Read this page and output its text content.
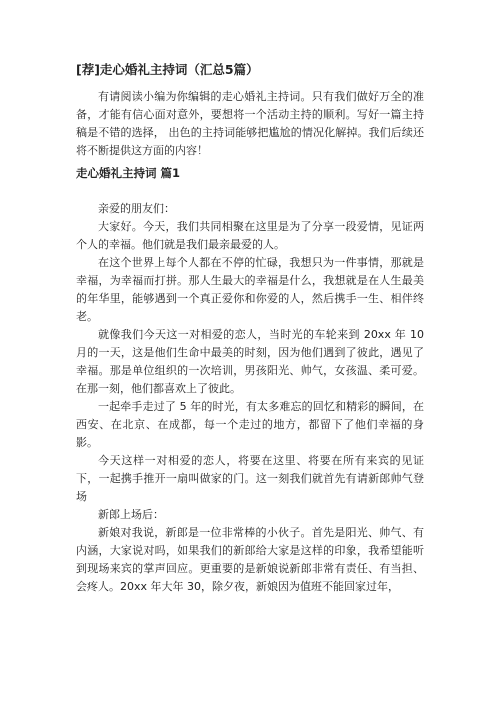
[荐]走心婚礼主持词（汇总5篇）

有请阅读小编为你编辑的走心婚礼主持词。只有我们做好万全的准备，才能有信心面对意外，要想将一个活动主持的顺利。写好一篇主持稿是不错的选择， 出色的主持词能够把尴尬的情况化解掉。我们后续还将不断提供这方面的内容！

走心婚礼主持词 篇1

亲爱的朋友们：

大家好。今天，我们共同相聚在这里是为了分享一段爱情，见证两个人的幸福。他们就是我们最亲最爱的人。

在这个世界上每个人都在不停的忙碌，我想只为一件事情，那就是幸福，为幸福而打拼。那人生最大的幸福是什么，我想就是在人生最美的年华里，能够遇到一个真正爱你和你爱的人，然后携手一生、相伴终老。

就像我们今天这一对相爱的恋人，当时光的车轮来到 20xx 年 10 月的一天，这是他们生命中最美的时刻，因为他们遇到了彼此，遇见了幸福。那是单位组织的一次培训，男孩阳光、帅气，女孩温、柔可爱。在那一刻，他们都喜欢上了彼此。

一起牵手走过了 5 年的时光，有太多难忘的回忆和精彩的瞬间，在西安、在北京、在成都，每一个走过的地方，都留下了他们幸福的身影。

今天这样一对相爱的恋人，将要在这里、将要在所有来宾的见证下，一起携手推开一扇叫做家的门。这一刻我们就首先有请新郎帅气登场

新郎上场后：

新娘对我说，新郎是一位非常棒的小伙子。首先是阳光、帅气、有内涵，大家说对吗，如果我们的新郎给大家是这样的印象，我希望能听到现场来宾的掌声回应。更重要的是新娘说新郎非常有责任、有当担、会疼人。20xx 年大年 30，除夕夜，新娘因为值班不能回家过年，
